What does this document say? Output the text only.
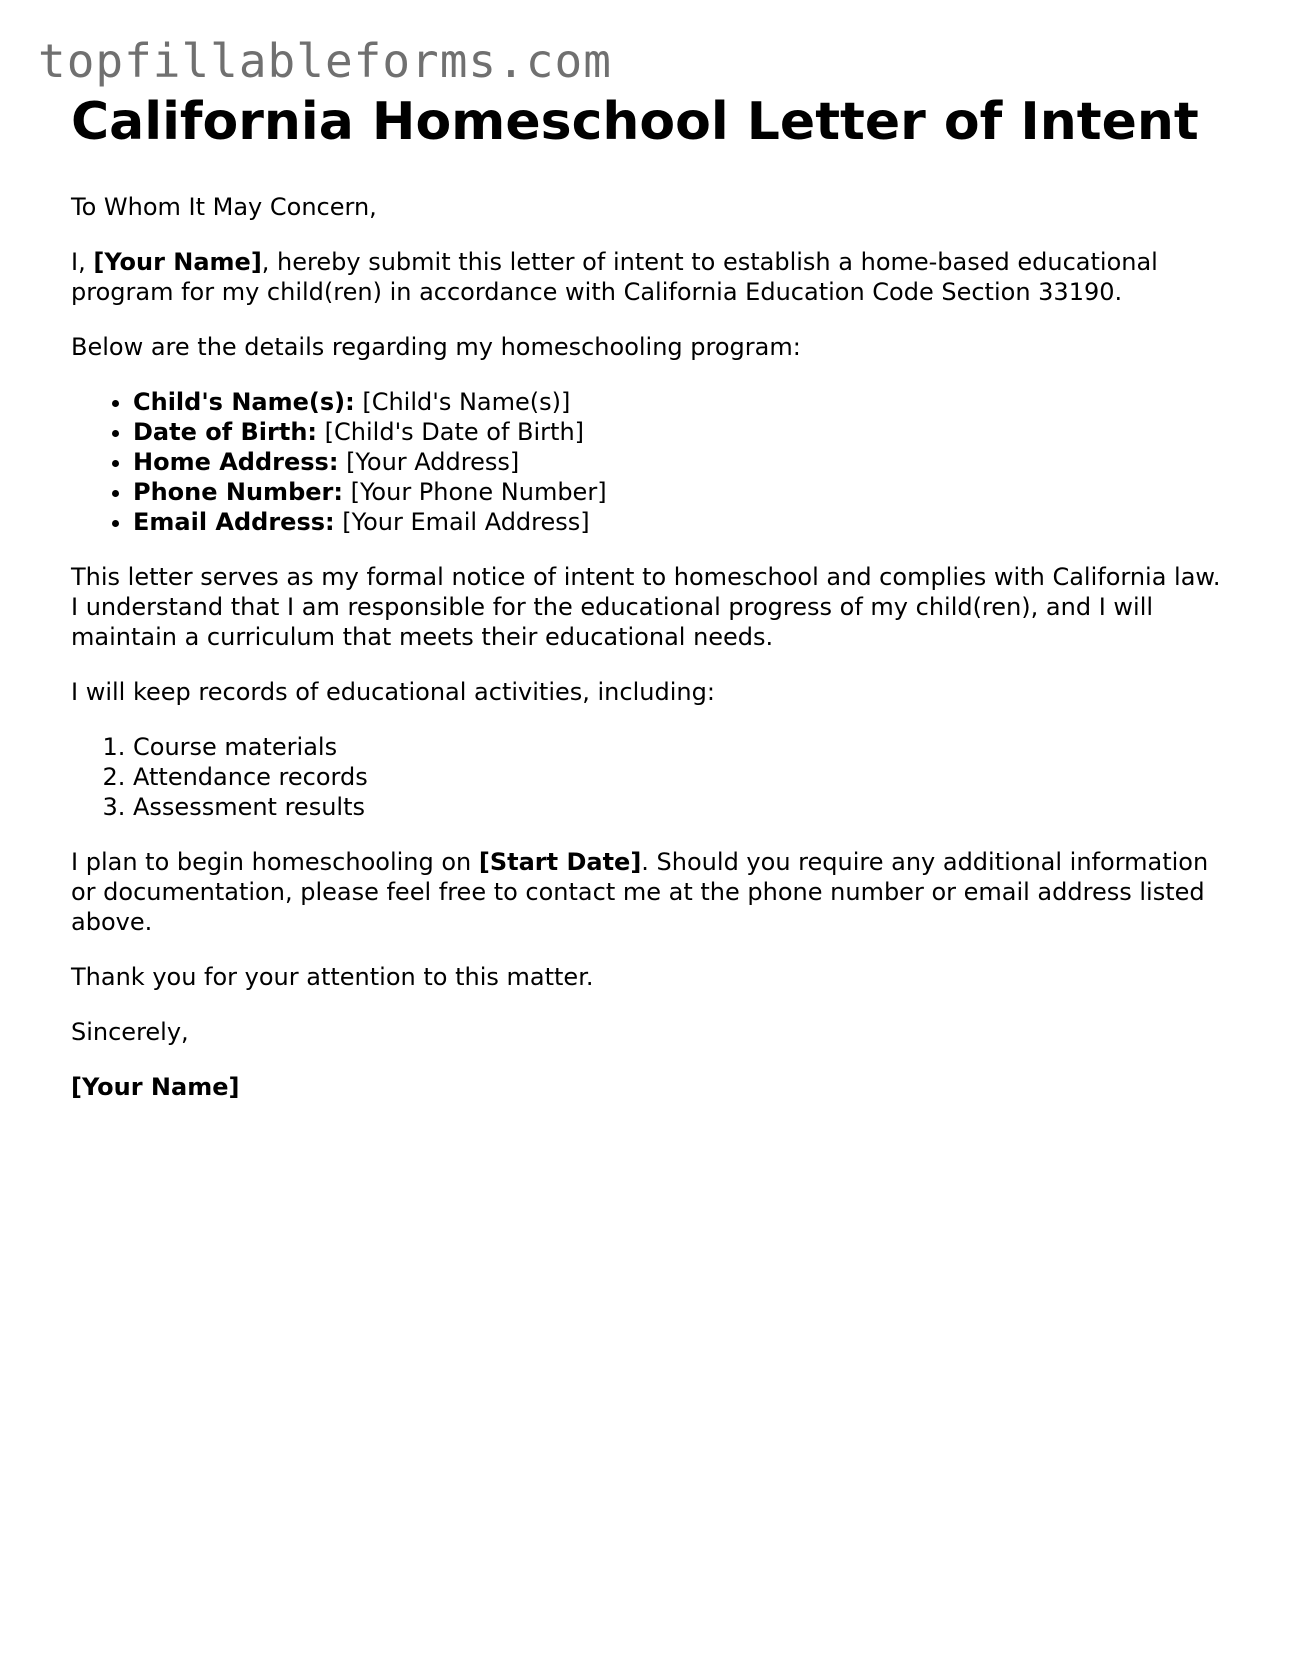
topfillableforms.com
California Homeschool Letter of Intent

To Whom It May Concern,

I, [Your Name], hereby submit this letter of intent to establish a home-based educational program for my child(ren) in accordance with California Education Code Section 33190.

Below are the details regarding my homeschooling program:

• Child's Name(s): [Child's Name(s)]
• Date of Birth: [Child's Date of Birth]
• Home Address: [Your Address]
• Phone Number: [Your Phone Number]
• Email Address: [Your Email Address]

This letter serves as my formal notice of intent to homeschool and complies with California law. I understand that I am responsible for the educational progress of my child(ren), and I will maintain a curriculum that meets their educational needs.

I will keep records of educational activities, including:

1. Course materials
2. Attendance records
3. Assessment results

I plan to begin homeschooling on [Start Date]. Should you require any additional information or documentation, please feel free to contact me at the phone number or email address listed above.

Thank you for your attention to this matter.

Sincerely,

[Your Name]
